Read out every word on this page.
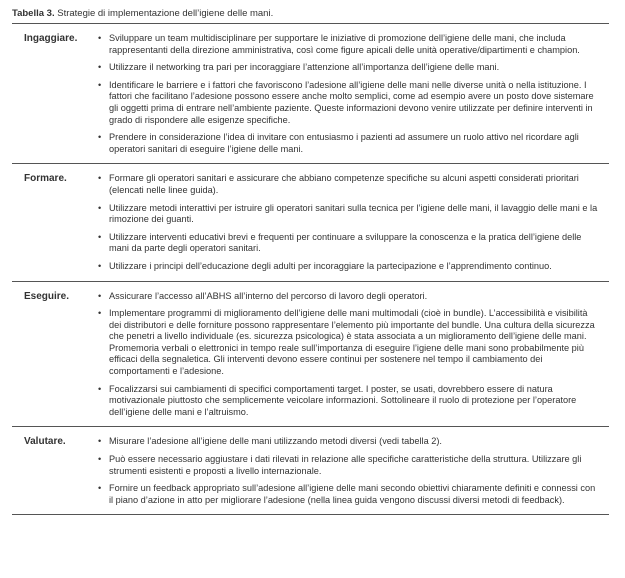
Tabella 3. Strategie di implementazione dell’igiene delle mani.
Ingaggiare.	• Sviluppare un team multidisciplinare per supportare le iniziative di promozione dell’igiene delle mani, che includa rappresentanti della direzione amministrativa, così come figure apicali delle unità operative/dipartimenti e champion.
• Utilizzare il networking tra pari per incoraggiare l’attenzione all’importanza dell’igiene delle mani.
• Identificare le barriere e i fattori che favoriscono l’adesione all’igiene delle mani nelle diverse unità o nella istituzione. I fattori che facilitano l’adesione possono essere anche molto semplici, come ad esempio avere un posto dove sistemare gli oggetti prima di entrare nell’ambiente paziente. Queste informazioni devono venire utilizzate per definire interventi in grado di rispondere alle esigenze specifiche.
• Prendere in considerazione l’idea di invitare con entusiasmo i pazienti ad assumere un ruolo attivo nel ricordare agli operatori sanitari di eseguire l’igiene delle mani.
Formare.	• Formare gli operatori sanitari e assicurare che abbiano competenze specifiche su alcuni aspetti considerati prioritari (elencati nelle linee guida).
• Utilizzare metodi interattivi per istruire gli operatori sanitari sulla tecnica per l’igiene delle mani, il lavaggio delle mani e la rimozione dei guanti.
• Utilizzare interventi educativi brevi e frequenti per continuare a sviluppare la conoscenza e la pratica dell’igiene delle mani da parte degli operatori sanitari.
• Utilizzare i principi dell’educazione degli adulti per incoraggiare la partecipazione e l’apprendimento continuo.
Eseguire.	• Assicurare l’accesso all’ABHS all’interno del percorso di lavoro degli operatori.
• Implementare programmi di miglioramento dell’igiene delle mani multimodali (cioè in bundle). L’accessibilità e visibilità dei distributori e delle forniture possono rappresentare l’elemento più importante del bundle. Una cultura della sicurezza che penetri a livello individuale (es. sicurezza psicologica) è stata associata a un miglioramento dell’igiene delle mani. Promemoria verbali o elettronici in tempo reale sull’importanza di eseguire l’igiene delle mani sono probabilmente più efficaci della segnaletica. Gli interventi devono essere continui per sostenere nel tempo il cambiamento dei comportamenti e l’adesione.
• Focalizzarsi sui cambiamenti di specifici comportamenti target. I poster, se usati, dovrebbero essere di natura motivazionale piuttosto che semplicemente veicolare informazioni. Sottolineare il ruolo di protezione per l’operatore dell’igiene delle mani e l’altruismo.
Valutare.	• Misurare l’adesione all’igiene delle mani utilizzando metodi diversi (vedi tabella 2).
• Può essere necessario aggiustare i dati rilevati in relazione alle specifiche caratteristiche della struttura. Utilizzare gli strumenti esistenti e proposti a livello internazionale.
• Fornire un feedback appropriato sull’adesione all’igiene delle mani secondo obiettivi chiaramente definiti e connessi con il piano d’azione in atto per migliorare l’adesione (nella linea guida vengono discussi diversi metodi di feedback).
